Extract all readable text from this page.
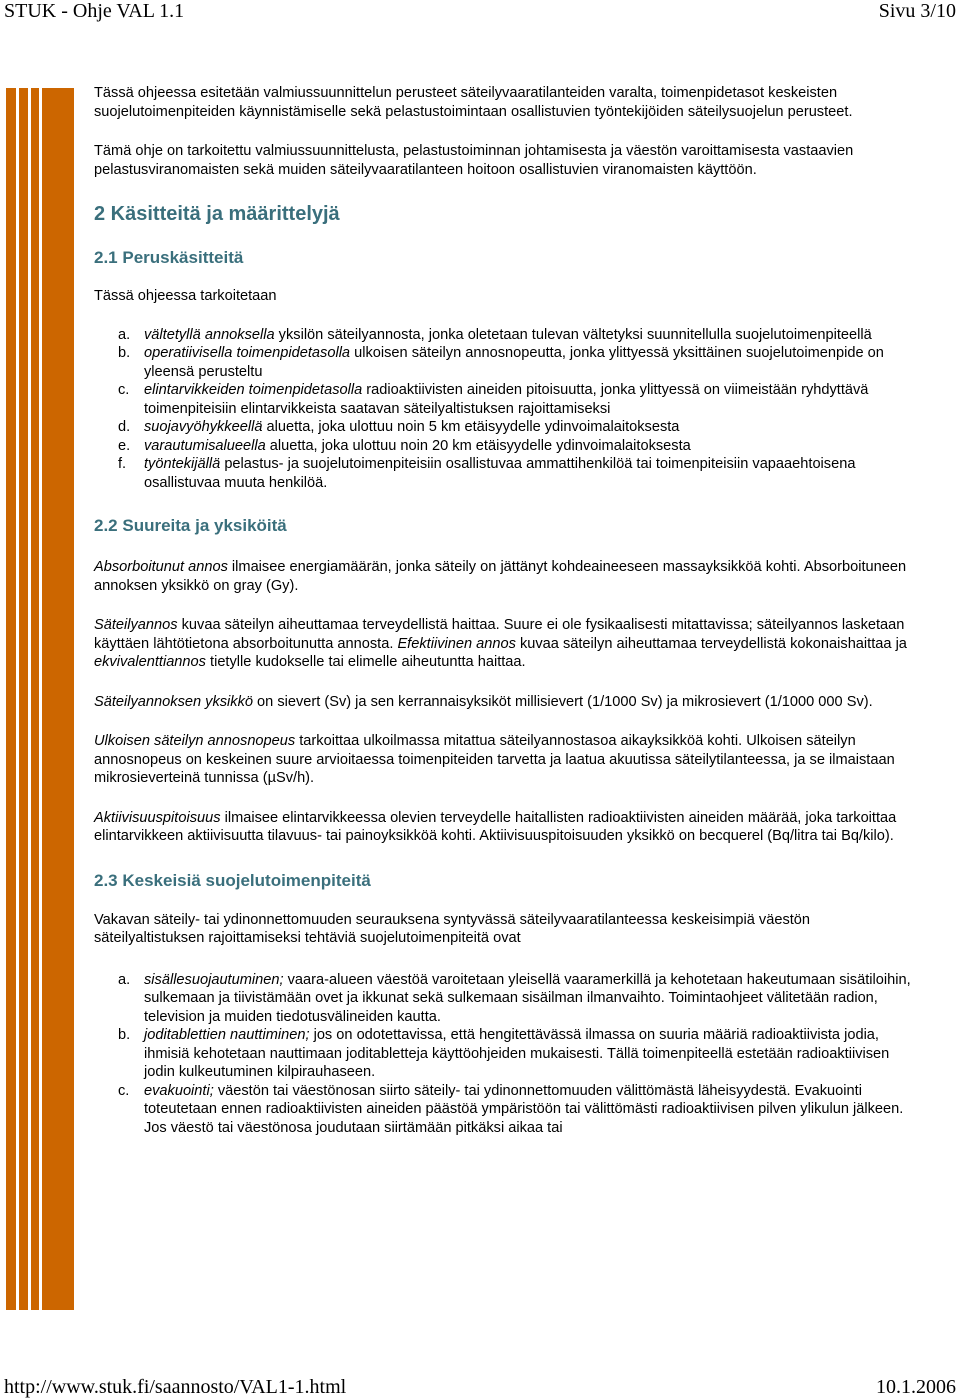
STUK - Ohje VAL 1.1	Sivu 3/10

Tässä ohjeessa esitetään valmiussuunnittelun perusteet säteilyvaaratilanteiden varalta, toimenpidetasot keskeisten suojelutoimenpiteiden käynnistämiselle sekä pelastustoimintaan osallistuvien työntekijöiden säteilysuojelun perusteet.

Tämä ohje on tarkoitettu valmiussuunnittelusta, pelastustoiminnan johtamisesta ja väestön varoittamisesta vastaavien pelastusviranomaisten sekä muiden säteilyvaaratilanteen hoitoon osallistuvien viranomaisten käyttöön.

2 Käsitteitä ja määrittelyjä
2.1 Peruskäsitteitä

Tässä ohjeessa tarkoitetaan

a. vältetyllä annoksella yksilön säteilyannosta, jonka oletetaan tulevan vältetyksi suunnitellulla suojelutoimenpiteellä
b. operatiivisella toimenpidetasolla ulkoisen säteilyn annosnopeutta, jonka ylittyessä yksittäinen suojelutoimenpide on yleensä perusteltu
c.	elintarvikkeiden toimenpidetasolla radioaktiivisten aineiden pitoisuutta, jonka ylittyessä on viimeistään ryhdyttävä toimenpiteisiin elintarvikkeista saatavan säteilyaltistuksen rajoittamiseksi
d. suojavyöhykkeellä aluetta, joka ulottuu noin 5 km etäisyydelle ydinvoimalaitoksesta
e. varautumisalueella aluetta, joka ulottuu noin 20 km etäisyydelle ydinvoimalaitoksesta
f.	työntekijällä pelastus- ja suojelutoimenpiteisiin osallistuvaa ammattihenkilöä tai toimenpiteisiin vapaaehtoisena osallistuvaa muuta henkilöä.
2.2 Suureita ja yksiköitä

Absorboitunut annos ilmaisee energiamäärän, jonka säteily on jättänyt kohdeaineeseen massayksikköä kohti. Absorboituneen annoksen yksikkö on gray (Gy).

Säteilyannos kuvaa säteilyn aiheuttamaa terveydellistä haittaa. Suure ei ole fysikaalisesti mitattavissa; säteilyannos lasketaan käyttäen lähtötietona absorboitunutta annosta. Efektiivinen annos kuvaa säteilyn aiheuttamaa terveydellistä kokonaishaittaa ja ekvivalenttiannos tietylle kudokselle tai elimelle aiheutuntta haittaa.

Säteilyannoksen yksikkö on sievert (Sv) ja sen kerrannaisyksiköt millisievert (1/1000 Sv) ja mikrosievert (1/1000 000 Sv).

Ulkoisen säteilyn annosnopeus tarkoittaa ulkoilmassa mitattua säteilyannostasoa aikayksikköä kohti. Ulkoisen säteilyn annosnopeus on keskeinen suure arvioitaessa toimenpiteiden tarvetta ja laatua akuutissa säteilytilanteessa, ja se ilmaistaan mikrosieverteinä tunnissa (µSv/h).

Aktiivisuuspitoisuus ilmaisee elintarvikkeessa olevien terveydelle haitallisten radioaktiivisten aineiden määrää, joka tarkoittaa elintarvikkeen aktiivisuutta tilavuus- tai painoyksikköä kohti. Aktiivisuuspitoisuuden yksikkö on becquerel (Bq/litra tai Bq/kilo).

2.3 Keskeisiä suojelutoimenpiteitä

Vakavan säteily- tai ydinonnettomuuden seurauksena syntyvässä säteilyvaaratilanteessa keskeisimpiä väestön säteilyaltistuksen rajoittamiseksi tehtäviä suojelutoimenpiteitä ovat

a. sisällesuojautuminen; vaara-alueen väestöä varoitetaan yleisellä vaaramerkillä ja kehotetaan hakeutumaan sisätiloihin, sulkemaan ja tiivistämään ovet ja ikkunat sekä sulkemaan sisäilman ilmanvaihto. Toimintaohjeet välitetään radion, television ja muiden tiedotusvälineiden kautta.
b. joditablettien nauttiminen; jos on odotettavissa, että hengitettävässä ilmassa on suuria määriä radioaktiivista jodia, ihmisiä kehotetaan nauttimaan joditabletteja käyttöohjeiden mukaisesti. Tällä toimenpiteellä estetään radioaktiivisen jodin kulkeutuminen kilpirauhaseen.
c.	evakuointi; väestön tai väestönosan siirto säteily- tai ydinonnettomuuden välittömästä läheisyydestä. Evakuointi toteutetaan ennen radioaktiivisten aineiden päästöä ympäristöön tai välittömästi radioaktiivisen pilven ylikulun jälkeen. Jos väestö tai väestönosa joudutaan siirtämään pitkäksi aikaa tai
http://www.stuk.fi/saannosto/VAL1-1.html	10.1.2006
